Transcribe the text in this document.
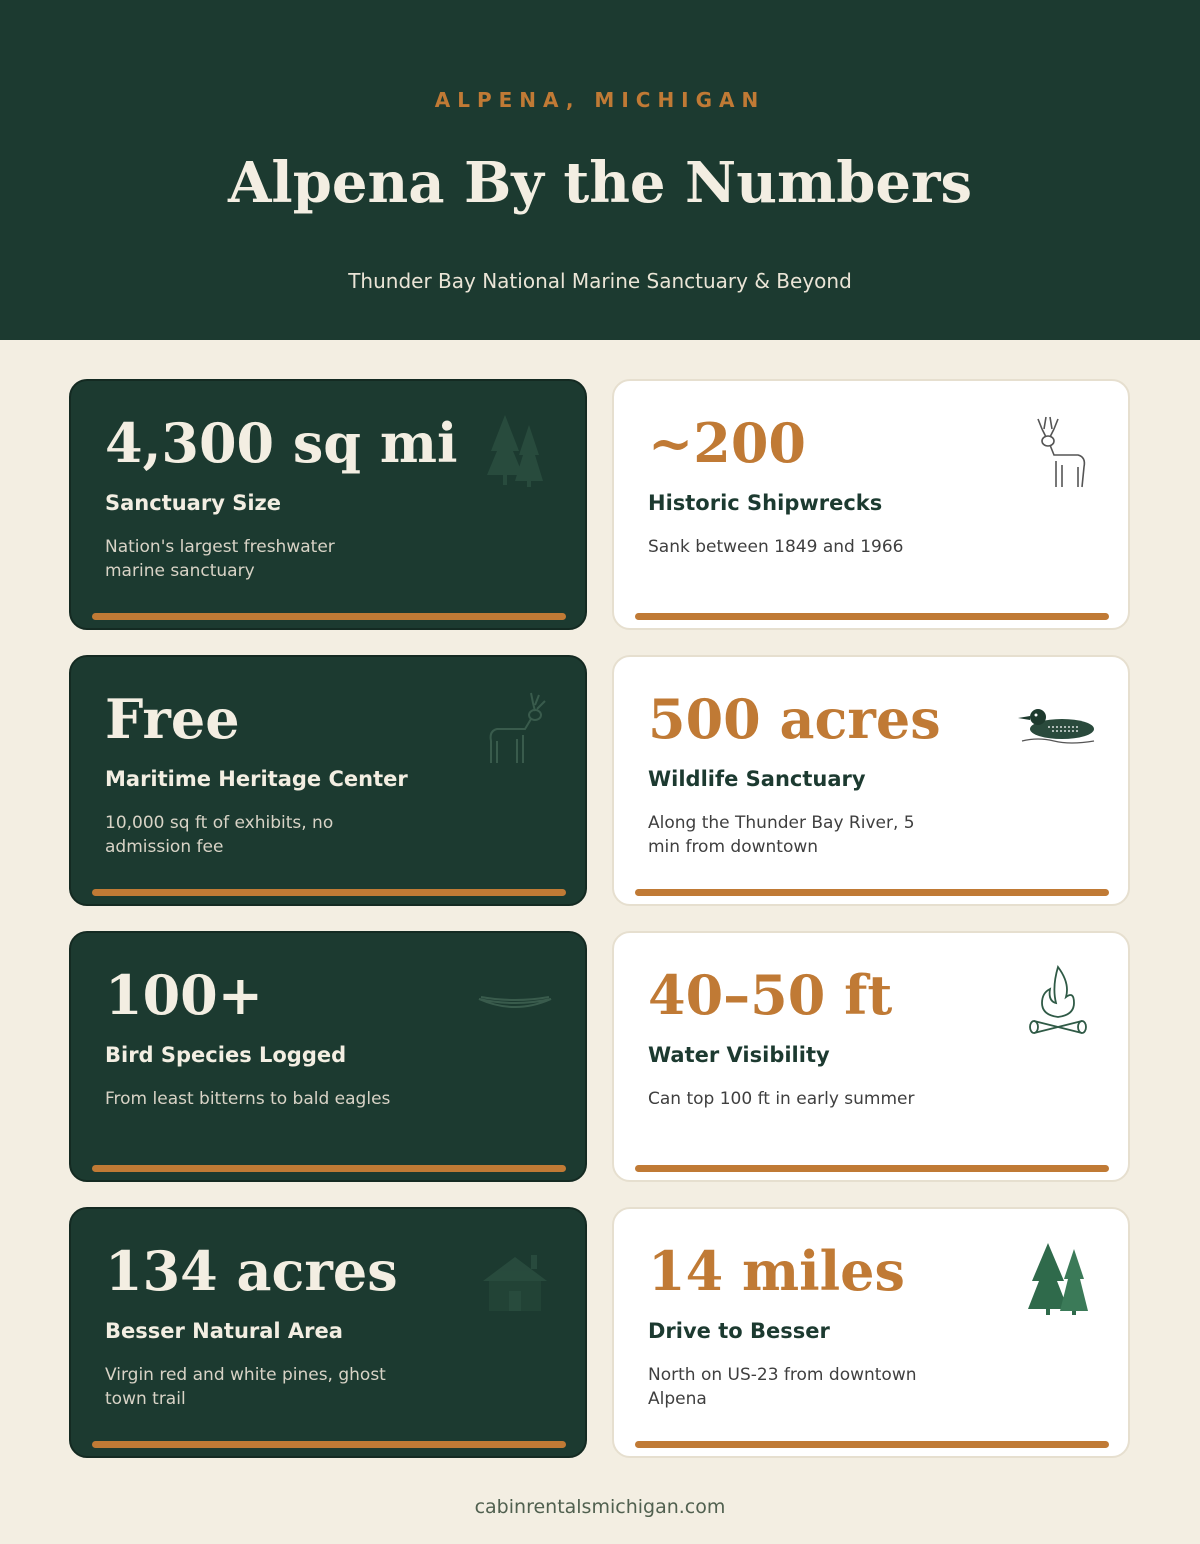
ALPENA, MICHIGAN
Alpena By the Numbers
Thunder Bay National Marine Sanctuary & Beyond
4,300 sq mi
Sanctuary Size
Nation's largest freshwater marine sanctuary
~200
Historic Shipwrecks
Sank between 1849 and 1966
Free
Maritime Heritage Center
10,000 sq ft of exhibits, no admission fee
500 acres
Wildlife Sanctuary
Along the Thunder Bay River, 5 min from downtown
100+
Bird Species Logged
From least bitterns to bald eagles
40–50 ft
Water Visibility
Can top 100 ft in early summer
134 acres
Besser Natural Area
Virgin red and white pines, ghost town trail
14 miles
Drive to Besser
North on US-23 from downtown Alpena
cabinrentalsmichigan.com
